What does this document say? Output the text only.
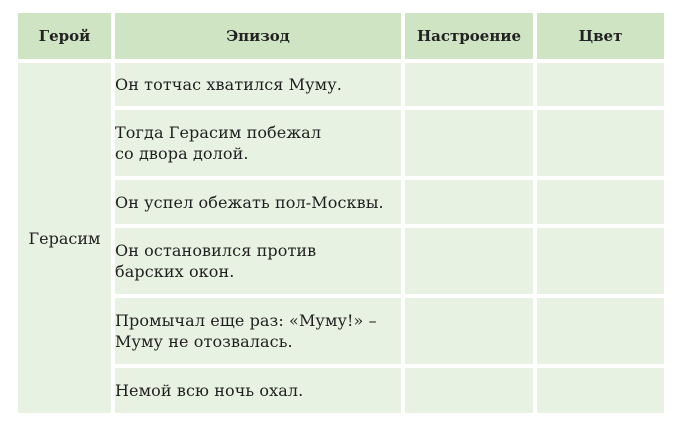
Герой	Эпизод	Настроение	Цвет
Герасим	Он тотчас хватился Муму.		

	Тогда Герасим побежал
со двора долой.		

	Он успел обежать пол-Москвы.		

	Он остановился против
барских окон.		

	Промычал еще раз: «Муму!» –
Муму не отозвалась.		

	Немой всю ночь охал.		
